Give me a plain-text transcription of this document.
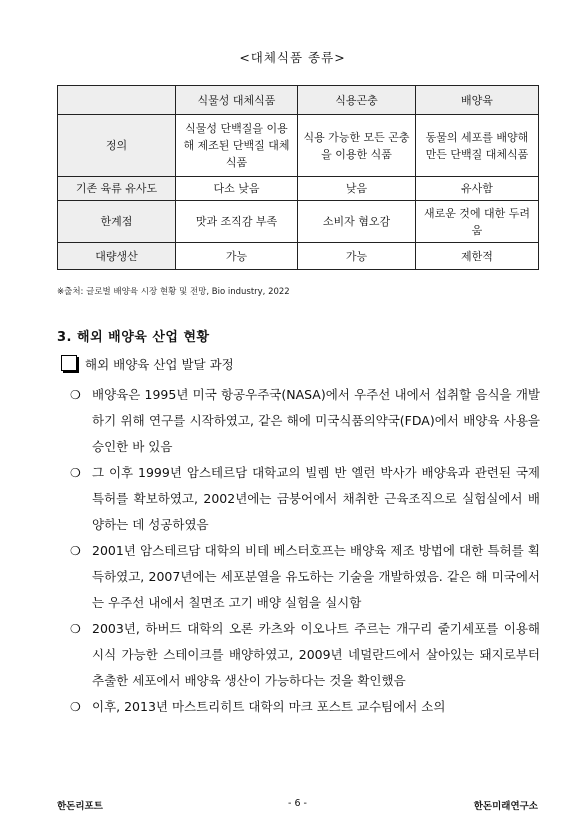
<대체식품 종류>
	식물성 대체식품	식용곤충	배양육
정의	식물성 단백질을 이용해 제조된 단백질 대체식품	식용 가능한 모든 곤충을 이용한 식품	동물의 세포를 배양해 만든 단백질 대체식품
기존 육류 유사도	다소 낮음	낮음	유사함
한계점	맛과 조직감 부족	소비자 혐오감	새로운 것에 대한 두려움
대량생산	가능	가능	제한적
※출처: 글로벌 배양육 시장 현황 및 전망, Bio industry, 2022
3. 해외 배양육 산업 현황
해외 배양육 산업 발달 과정
❍ 배양육은 1995년 미국 항공우주국(NASA)에서 우주선 내에서 섭취할 음식을 개발하기 위해 연구를 시작하였고, 같은 해에 미국식품의약국(FDA)에서 배양육 사용을 승인한 바 있음
❍ 그 이후 1999년 암스테르담 대학교의 빌렘 반 엘런 박사가 배양육과 관련된 국제 특허를 확보하였고, 2002년에는 금붕어에서 채취한 근육조직으로 실험실에서 배양하는 데 성공하였음
❍ 2001년 암스테르담 대학의 비테 베스터호프는 배양육 제조 방법에 대한 특허를 획득하였고, 2007년에는 세포분열을 유도하는 기술을 개발하였음. 같은 해 미국에서는 우주선 내에서 칠면조 고기 배양 실험을 실시함
❍ 2003년, 하버드 대학의 오론 카츠와 이오나트 주르는 개구리 줄기세포를 이용해 시식 가능한 스테이크를 배양하였고, 2009년 네덜란드에서 살아있는 돼지로부터 추출한 세포에서 배양육 생산이 가능하다는 것을 확인했음
❍ 이후, 2013년 마스트리히트 대학의 마크 포스트 교수팀에서 소의
한돈리포트	- 6 -	한돈미래연구소
